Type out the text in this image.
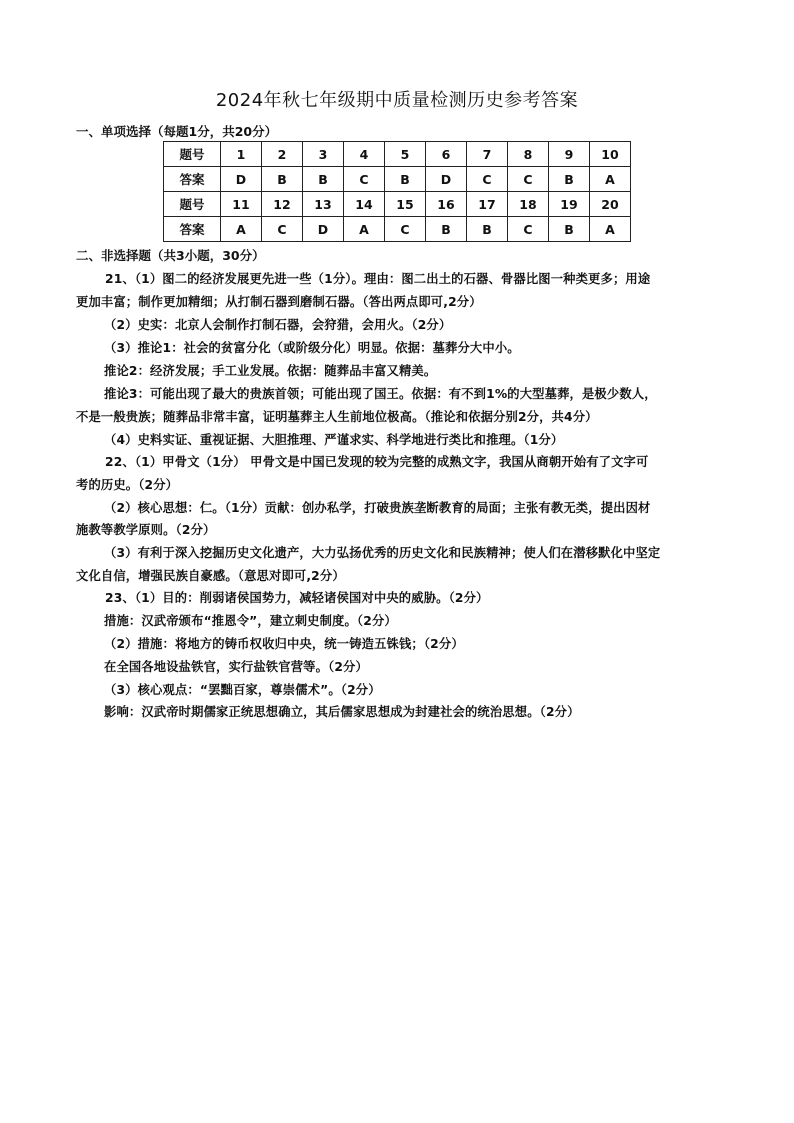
2024年秋七年级期中质量检测历史参考答案
一、单项选择（每题1分，共20分）
题号	1	2	3	4	5	6	7	8	9	10
答案	D	B	B	C	B	D	C	C	B	A
题号	11	12	13	14	15	16	17	18	19	20
答案	A	C	D	A	C	B	B	C	B	A
二、非选择题（共3小题，30分）
21、（1）图二的经济发展更先进一些（1分）。理由：图二出土的石器、骨器比图一种类更多；用途
更加丰富；制作更加精细；从打制石器到磨制石器。（答出两点即可,2分）
（2）史实：北京人会制作打制石器，会狩猎，会用火。（2分）
（3）推论1：社会的贫富分化（或阶级分化）明显。依据：墓葬分大中小。
推论2：经济发展；手工业发展。依据：随葬品丰富又精美。
推论3：可能出现了最大的贵族首领；可能出现了国王。依据：有不到1%的大型墓葬，是极少数人，
不是一般贵族；随葬品非常丰富，证明墓葬主人生前地位极高。（推论和依据分别2分，共4分）
（4）史料实证、重视证据、大胆推理、严谨求实、科学地进行类比和推理。（1分）
22、（1）甲骨文（1分） 甲骨文是中国已发现的较为完整的成熟文字，我国从商朝开始有了文字可
考的历史。（2分）
（2）核心思想：仁。（1分）贡献：创办私学，打破贵族垄断教育的局面；主张有教无类，提出因材
施教等教学原则。（2分）
（3）有利于深入挖掘历史文化遗产，大力弘扬优秀的历史文化和民族精神；使人们在潜移默化中坚定
文化自信，增强民族自豪感。（意思对即可,2分）
23、（1）目的：削弱诸侯国势力，减轻诸侯国对中央的威胁。（2分）
措施：汉武帝颁布“推恩令”，建立刺史制度。（2分）
（2）措施：将地方的铸币权收归中央，统一铸造五铢钱；（2分）
在全国各地设盐铁官，实行盐铁官营等。（2分）
（3）核心观点：“罢黜百家，尊崇儒术”。（2分）
影响：汉武帝时期儒家正统思想确立，其后儒家思想成为封建社会的统治思想。（2分）
